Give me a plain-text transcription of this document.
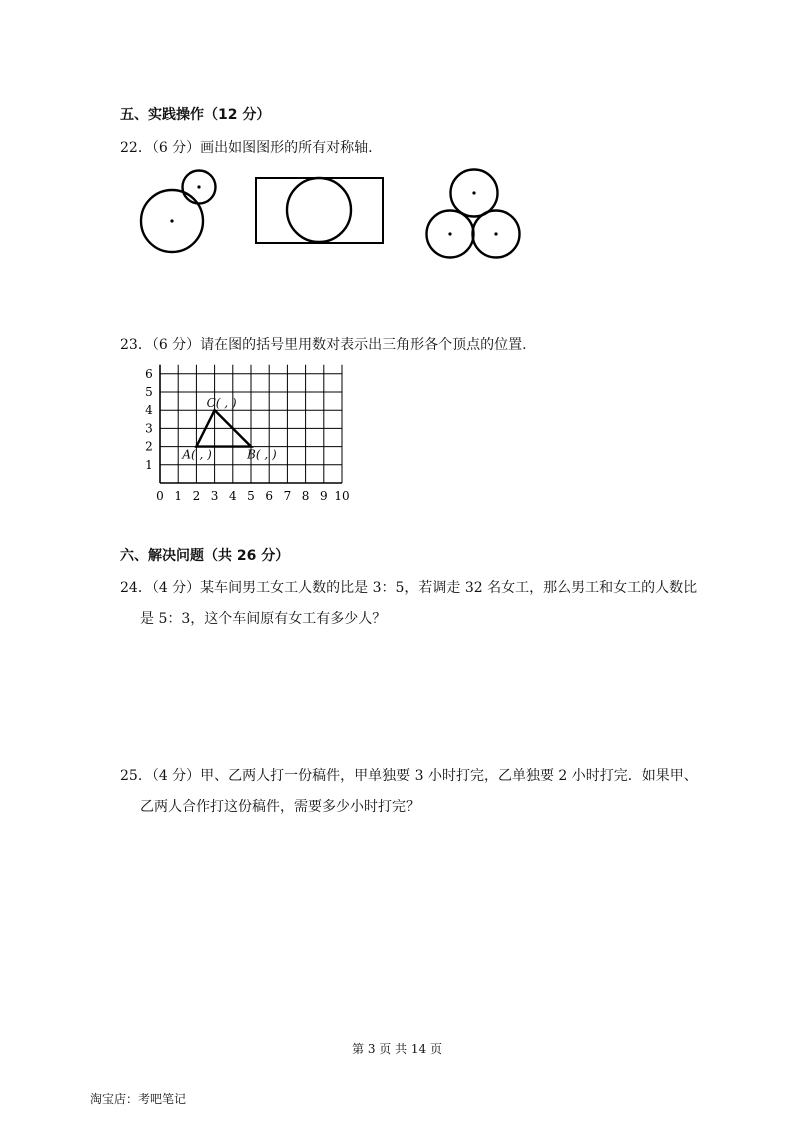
五、实践操作（12 分）
22．（6 分）画出如图图形的所有对称轴.
23．（6 分）请在图的括号里用数对表示出三角形各个顶点的位置.
0 1 2 3 4 5 6 7 8 9 10
1
2
3
4
5
6
A( , )	B( , )
C( , )
六、解决问题（共 26 分）
24．（4 分）某车间男工女工人数的比是 3：5，若调走 32 名女工，那么男工和女工的人数比
是 5：3，这个车间原有女工有多少人？
25．（4 分）甲、乙两人打一份稿件，甲单独要 3 小时打完，乙单独要 2 小时打完．如果甲、
乙两人合作打这份稿件，需要多少小时打完？
第 3 页 共 14 页
淘宝店：考吧笔记
